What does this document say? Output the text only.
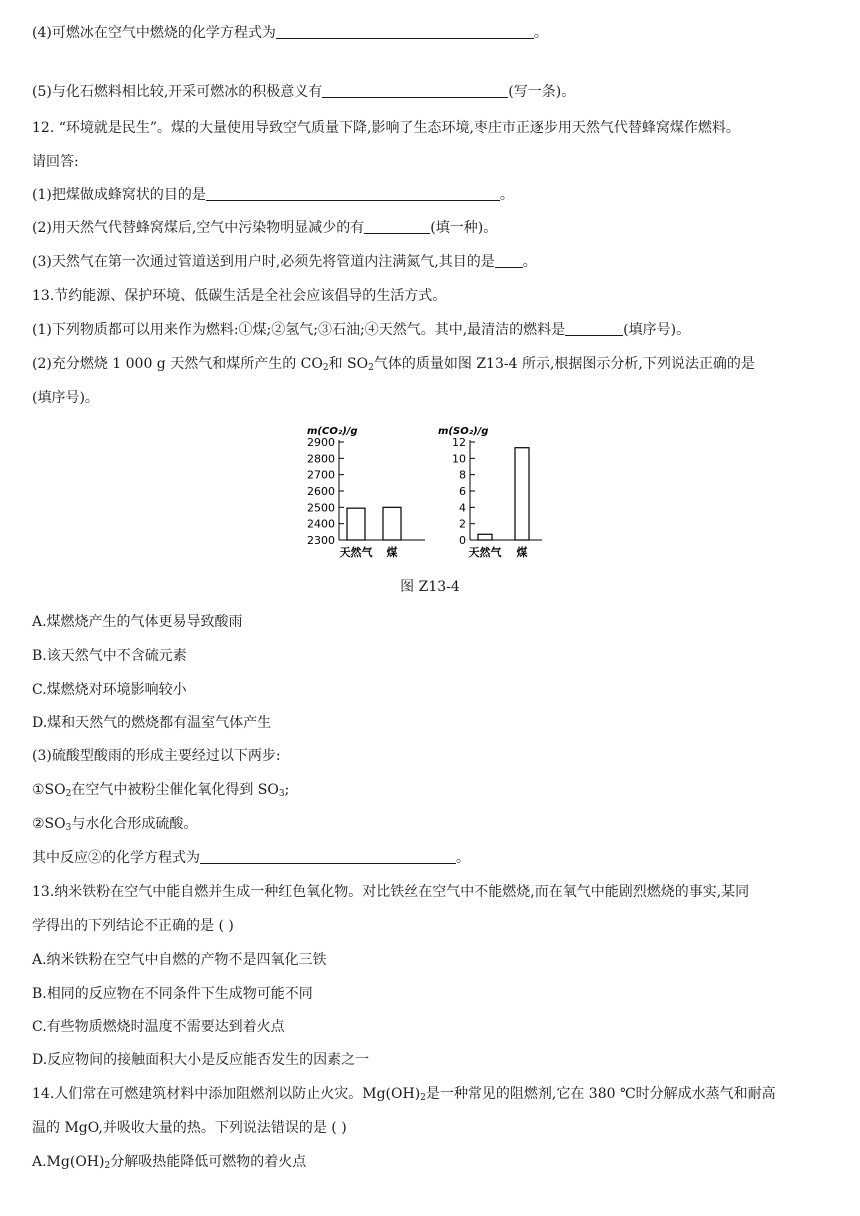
(4)可燃冰在空气中燃烧的化学方程式为	。
(5)与化石燃料相比较,开采可燃冰的积极意义有	(写一条)。
12. “环境就是民生”。煤的大量使用导致空气质量下降,影响了生态环境,枣庄市正逐步用天然气代替蜂窝煤作燃料。
请回答:
(1)把煤做成蜂窝状的目的是	。
(2)用天然气代替蜂窝煤后,空气中污染物明显减少的有	(填一种)。
(3)天然气在第一次通过管道送到用户时,必须先将管道内注满氮气,其目的是 。
13.节约能源、保护环境、低碳生活是全社会应该倡导的生活方式。
(1)下列物质都可以用来作为燃料:①煤;②氢气;③石油;④天然气。其中,最清洁的燃料是	(填序号)。
(2)充分燃烧 1 000 g 天然气和煤所产生的 $CO_2$和 $SO_2$气体的质量如图 Z13-4 所示,根据图示分析,下列说法正确的是
(填序号)。
m(CO₂)/g	m(SO₂)/g
2300
2400
2500
2600
2700
2800
2900
天然气 煤
0
2
4
6
8
10
12
天然气 煤
图 Z13-4
A.煤燃烧产生的气体更易导致酸雨
B.该天然气中不含硫元素
C.煤燃烧对环境影响较小
D.煤和天然气的燃烧都有温室气体产生
(3)硫酸型酸雨的形成主要经过以下两步:
$①SO_2$在空气中被粉尘催化氧化得到 $SO_3$;
$②SO_3$与水化合形成硫酸。
其中反应②的化学方程式为	。
13.纳米铁粉在空气中能自燃并生成一种红色氧化物。对比铁丝在空气中不能燃烧,而在氧气中能剧烈燃烧的事实,某同
学得出的下列结论不正确的是 ( )
A.纳米铁粉在空气中自燃的产物不是四氧化三铁
B.相同的反应物在不同条件下生成物可能不同
C.有些物质燃烧时温度不需要达到着火点
D.反应物间的接触面积大小是反应能否发生的因素之一
14.人们常在可燃建筑材料中添加阻燃剂以防止火灾。$Mg(OH)_2$是一种常见的阻燃剂,它在 380 ℃时分解成水蒸气和耐高
温的 MgO,并吸收大量的热。下列说法错误的是 ( )
$A.Mg(OH)_2$分解吸热能降低可燃物的着火点
